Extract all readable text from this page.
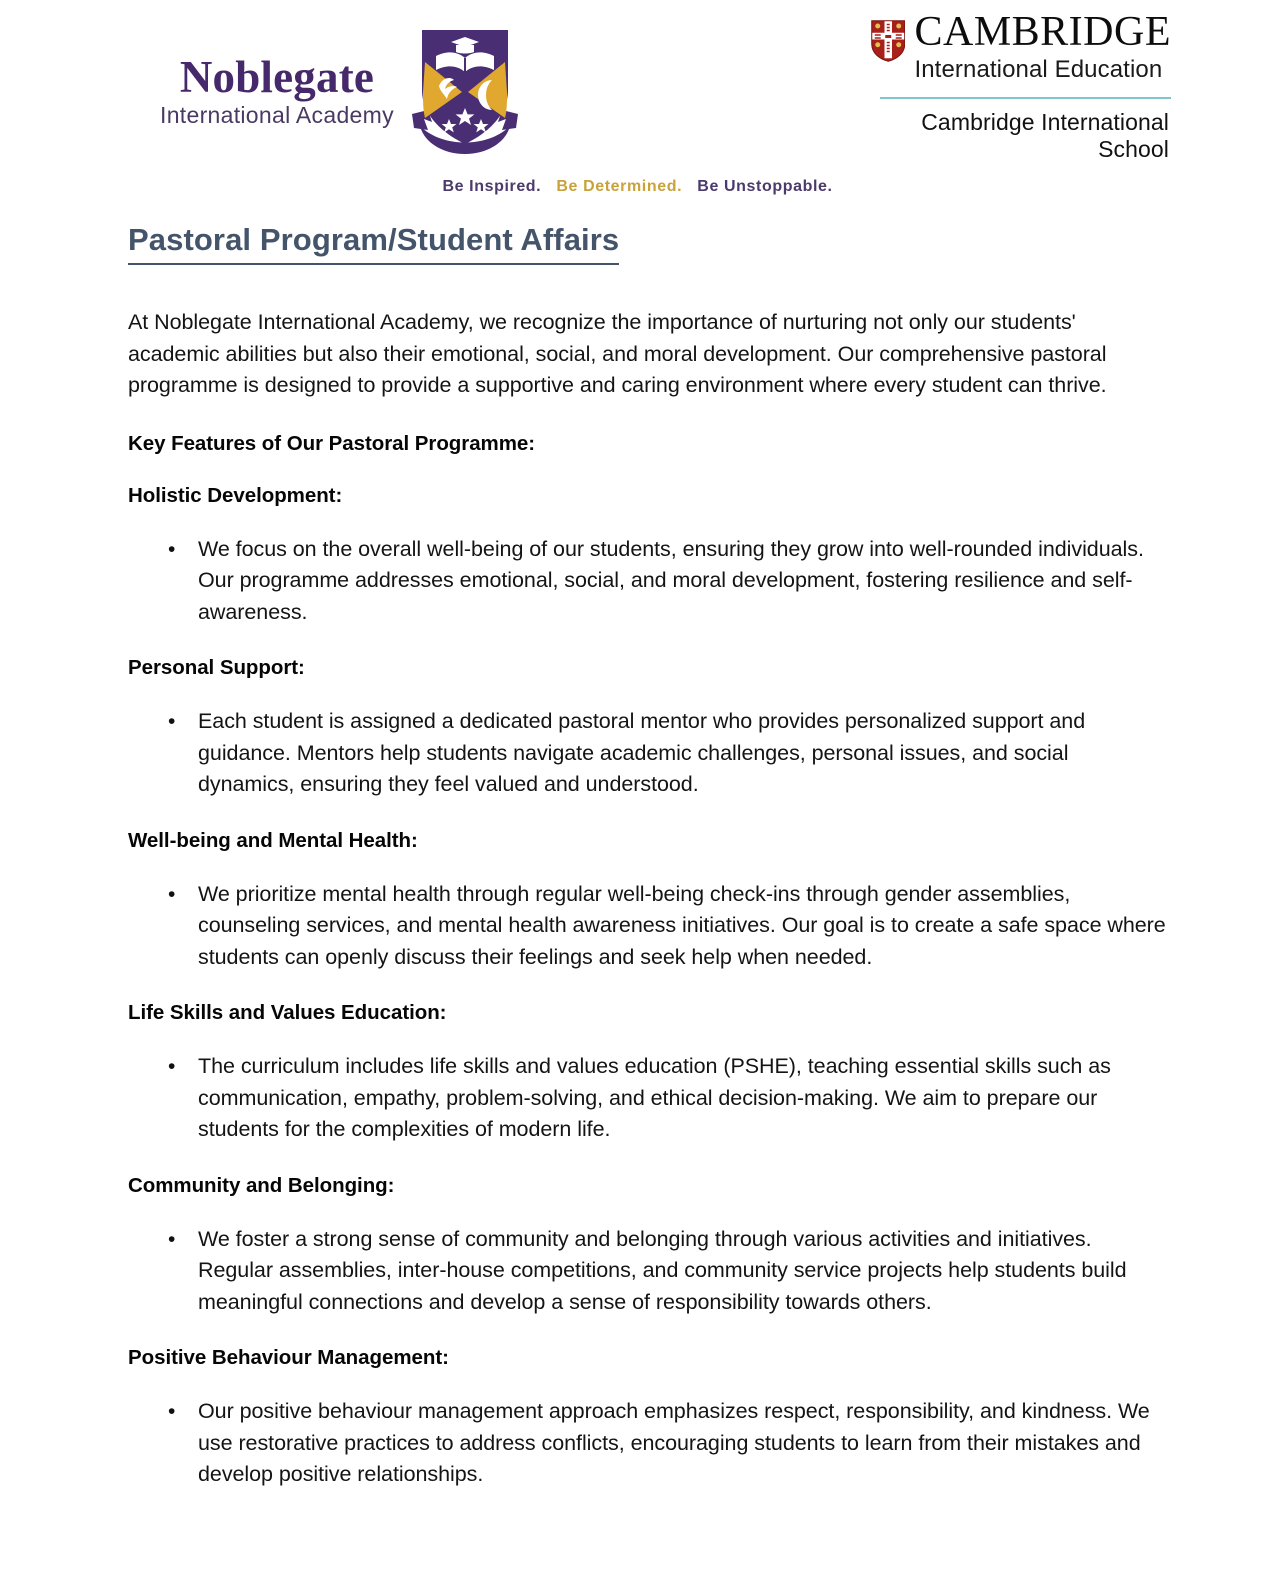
Noblegate
International Academy
CAMBRIDGE
International Education
Cambridge International School
Be Inspired. Be Determined. Be Unstoppable.
Pastoral Program/Student Affairs

At Noblegate International Academy, we recognize the importance of nurturing not only our students' academic abilities but also their emotional, social, and moral development. Our comprehensive pastoral programme is designed to provide a supportive and caring environment where every student can thrive.

Key Features of Our Pastoral Programme:

Holistic Development:

• We focus on the overall well-being of our students, ensuring they grow into well-rounded individuals. Our programme addresses emotional, social, and moral development, fostering resilience and self-awareness.

Personal Support:

• Each student is assigned a dedicated pastoral mentor who provides personalized support and guidance. Mentors help students navigate academic challenges, personal issues, and social dynamics, ensuring they feel valued and understood.

Well-being and Mental Health:

• We prioritize mental health through regular well-being check-ins through gender assemblies, counseling services, and mental health awareness initiatives. Our goal is to create a safe space where students can openly discuss their feelings and seek help when needed.

Life Skills and Values Education:

• The curriculum includes life skills and values education (PSHE), teaching essential skills such as communication, empathy, problem-solving, and ethical decision-making. We aim to prepare our students for the complexities of modern life.

Community and Belonging:

• We foster a strong sense of community and belonging through various activities and initiatives. Regular assemblies, inter-house competitions, and community service projects help students build meaningful connections and develop a sense of responsibility towards others.

Positive Behaviour Management:

• Our positive behaviour management approach emphasizes respect, responsibility, and kindness. We use restorative practices to address conflicts, encouraging students to learn from their mistakes and develop positive relationships.
